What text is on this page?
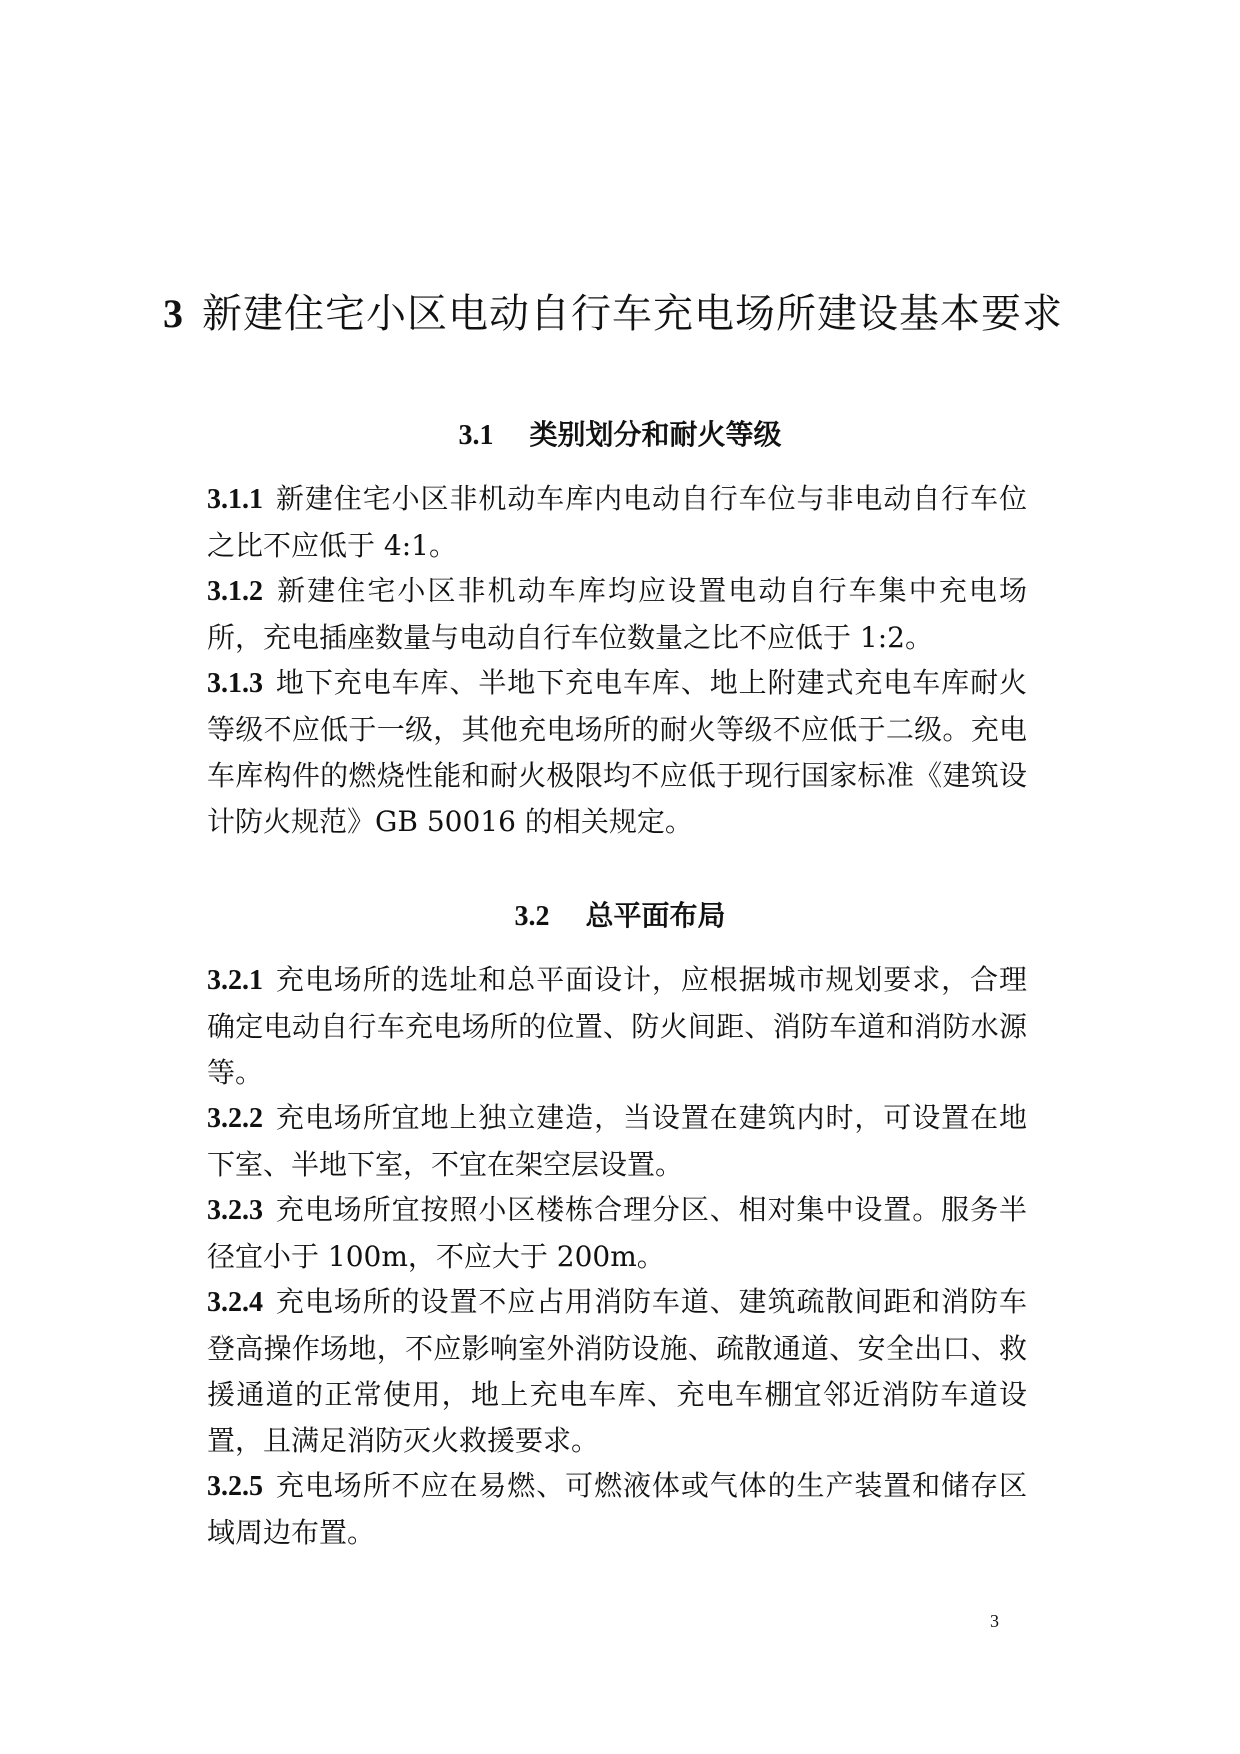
3 新建住宅小区电动自行车充电场所建设基本要求
3.1 类别划分和耐火等级

3.1.1 新建住宅小区非机动车库内电动自行车位与非电动自行车位之比不应低于 4:1。

3.1.2 新建住宅小区非机动车库均应设置电动自行车集中充电场所，充电插座数量与电动自行车位数量之比不应低于 1:2。

3.1.3 地下充电车库、半地下充电车库、地上附建式充电车库耐火等级不应低于一级，其他充电场所的耐火等级不应低于二级。充电车库构件的燃烧性能和耐火极限均不应低于现行国家标准《建筑设计防火规范》GB 50016 的相关规定。

3.2 总平面布局

3.2.1 充电场所的选址和总平面设计，应根据城市规划要求，合理确定电动自行车充电场所的位置、防火间距、消防车道和消防水源等。

3.2.2 充电场所宜地上独立建造，当设置在建筑内时，可设置在地下室、半地下室，不宜在架空层设置。

3.2.3 充电场所宜按照小区楼栋合理分区、相对集中设置。服务半径宜小于 100m，不应大于 200m。

3.2.4 充电场所的设置不应占用消防车道、建筑疏散间距和消防车登高操作场地，不应影响室外消防设施、疏散通道、安全出口、救援通道的正常使用，地上充电车库、充电车棚宜邻近消防车道设置，且满足消防灭火救援要求。

3.2.5 充电场所不应在易燃、可燃液体或气体的生产装置和储存区域周边布置。

3
